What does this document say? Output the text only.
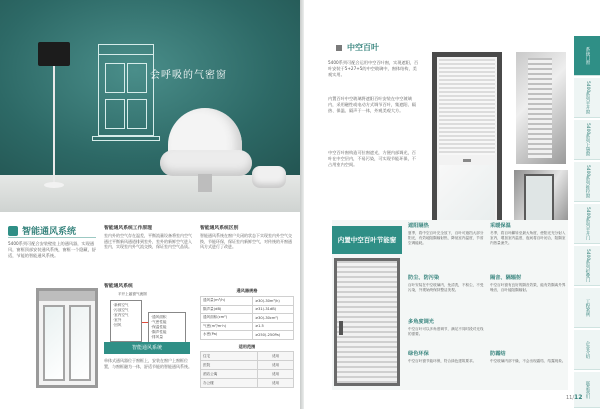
会呼吸的气密窗
智能通风系统
5400系列可配合安装壁挂上的通风器，实现通风，窗框顶部安装通风系统，窗框一个隐藏，舒适，节能的智能通风系统。
智能通风系统工作原理
室内外的空气存在温差，平衡流量设备将室内空气通过平衡新风通道排到室外，室外的新鲜空气进入室内，实现室内外气流交换，保证室内空气品质。
智能通风系统
平开上悬窗气流图
·新鲜空气
·污浊空气
·室内空气
·室外
·回风
·通风面积
·气密性能
·保温性能
·隔声性能
·排风量
智能通风系统
单体式通风器位于窗框上，安装在窗户上窗框位置，与窗框融为一体，舒适节能的智能通风系统。
智能通风系统区别
智能通风系统在窗户关闭的状态下实现室内外空气交换，节能环保，保证室内新鲜空气，对传统的开窗通风方式进行了改进。
通风器规格
通风量(m³/h)	≥30(-30m³/h)
隔声量(dB)	≥31(-31dB)
通风面积(cm²)	≥30(-30cm²)
气密(m³/m·h)	≥1.5
水密(Pa)	≥250(-250Pa)
适用范围
住宅	适用
医院	适用
酒店公寓	适用
办公楼	适用
中空百叶
5400系列可配合运用中空百叶窗，实现遮阳，百叶安装于5+27+5的中空玻璃中，窗体结构，美观实用。
内置百叶中空玻璃将遮阳百叶安装在中空玻璃内，采用磁性或电动方式调节百叶，集遮阳、隔热、保温、隔声于一体，外观美观大方。
中空百叶窗构造可拉窗遮光，方便内部调光，百叶在中空层内，不易污染，可实现节能环保，不占用室内空间。
内置中空百叶节能窗
遮阳隔热
夏季，将中空百叶完全放下，百叶可遮挡大部分阳光，有效地阻隔辐射热，降低室内温度，节省空调能耗。
采暖保温
冬季，将百叶翻转至最大角度，使阳光充分射入室内，增加室内温度，夜间将百叶闭合，阻隔室内热量流失。
防尘、防污染
百叶安装在中空玻璃内，免清洗，不积尘，不受污染，外观始终保持整洁美观。
隔音、隔辐射
中空百叶窗有良好的隔音效果，能有效隔离外界噪音，百叶能阻隔辐射。
多角度调光
中空百叶可以多角度调节，满足不同时段对光线的需要。
绿色环保
中空百叶窗节能环保，符合绿色建筑要求。
防霜结
中空玻璃内部干燥，不会出现霜结、结露现象。
系统门窗
5400系列平开窗
5400系列上悬窗
5400系列推拉窗
5400系列平开门
5400系列折叠门
工程案例
企业介绍
联系我们
11/12
